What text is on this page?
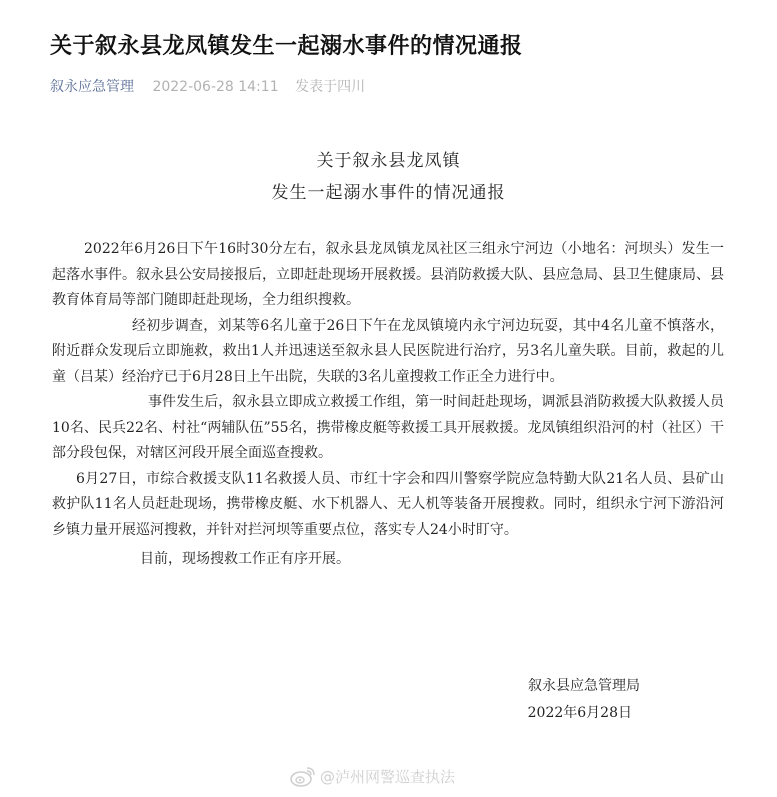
关于叙永县龙凤镇发生一起溺水事件的情况通报
叙永应急管理 2022-06-28 14:11 发表于四川
关于叙永县龙凤镇
发生一起溺水事件的情况通报

2022年6月26日下午16时30分左右，叙永县龙凤镇龙凤社区三组永宁河边（小地名：河坝头）发生一起落水事件。叙永县公安局接报后，立即赶赴现场开展救援。县消防救援大队、县应急局、县卫生健康局、县教育体育局等部门随即赶赴现场，全力组织搜救。

经初步调查，刘某等6名儿童于26日下午在龙凤镇境内永宁河边玩耍，其中4名儿童不慎落水，附近群众发现后立即施救，救出1人并迅速送至叙永县人民医院进行治疗，另3名儿童失联。目前，救起的儿童（吕某）经治疗已于6月28日上午出院，失联的3名儿童搜救工作正全力进行中。

事件发生后，叙永县立即成立救援工作组，第一时间赶赴现场，调派县消防救援大队救援人员10名、民兵22名、村社“两辅队伍”55名，携带橡皮艇等救援工具开展救援。龙凤镇组织沿河的村（社区）干部分段包保，对辖区河段开展全面巡查搜救。

6月27日，市综合救援支队11名救援人员、市红十字会和四川警察学院应急特勤大队21名人员、县矿山救护队11名人员赶赴现场，携带橡皮艇、水下机器人、无人机等装备开展搜救。同时，组织永宁河下游沿河乡镇力量开展巡河搜救，并针对拦河坝等重要点位，落实专人24小时盯守。

目前，现场搜救工作正有序开展。

叙永县应急管理局
2022年6月28日
@泸州网警巡查执法
